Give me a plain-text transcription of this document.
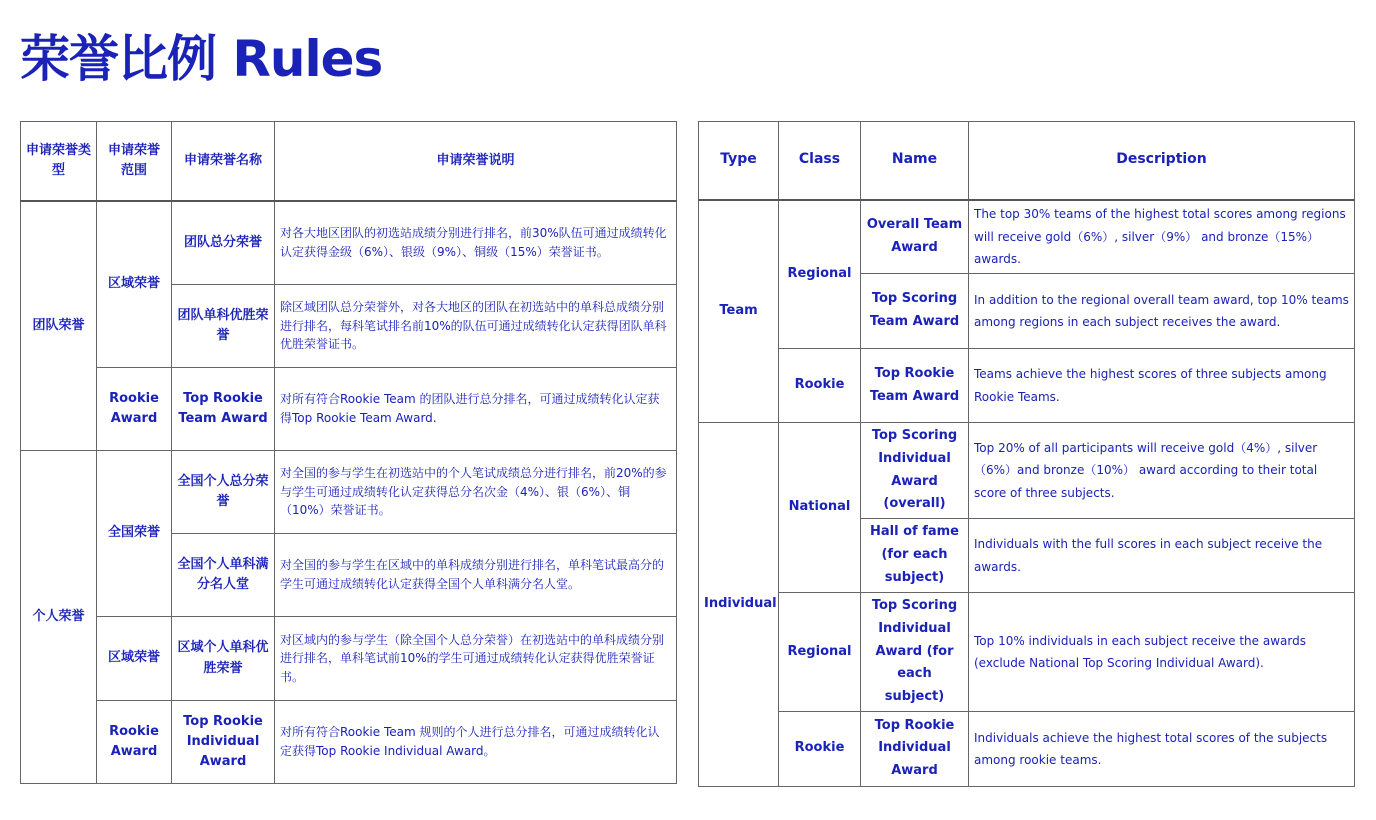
荣誉比例 Rules
申请荣誉类型	申请荣誉范围	申请荣誉名称	申请荣誉说明
团队荣誉	区域荣誉	团队总分荣誉	对各大地区团队的初选站成绩分别进行排名，前30%队伍可通过成绩转化认定获得金级（6%）、银级（9%）、铜级（15%）荣誉证书。
		团队单科优胜荣誉	除区域团队总分荣誉外，对各大地区的团队在初选站中的单科总成绩分别进行排名，每科笔试排名前10%的队伍可通过成绩转化认定获得团队单科优胜荣誉证书。
	Rookie Award	Top Rookie Team Award	对所有符合Rookie Team 的团队进行总分排名，可通过成绩转化认定获得Top Rookie Team Award.
个人荣誉	全国荣誉	全国个人总分荣誉	对全国的参与学生在初选站中的个人笔试成绩总分进行排名，前20%的参与学生可通过成绩转化认定获得总分名次金（4%）、银（6%）、铜（10%）荣誉证书。
		全国个人单科满分名人堂	对全国的参与学生在区域中的单科成绩分别进行排名，单科笔试最高分的学生可通过成绩转化认定获得全国个人单科满分名人堂。
	区域荣誉	区域个人单科优胜荣誉	对区域内的参与学生（除全国个人总分荣誉）在初选站中的单科成绩分别进行排名，单科笔试前10%的学生可通过成绩转化认定获得优胜荣誉证书。
	Rookie Award	Top Rookie Individual Award	对所有符合Rookie Team 规则的个人进行总分排名，可通过成绩转化认定获得Top Rookie Individual Award。
Type	Class	Name	Description
Team	Regional	Overall Team Award	The top 30% teams of the highest total scores among regions will receive gold（6%）, silver（9%） and bronze（15%） awards.
		Top Scoring Team Award	In addition to the regional overall team award, top 10% teams among regions in each subject receives the award.
	Rookie	Top Rookie Team Award	Teams achieve the highest scores of three subjects among Rookie Teams.
Individual	National	Top Scoring Individual Award (overall)	Top 20% of all participants will receive gold（4%）, silver（6%）and bronze（10%） award according to their total score of three subjects.
		Hall of fame (for each subject)	Individuals with the full scores in each subject receive the awards.
	Regional	Top Scoring Individual Award (for each subject)	Top 10% individuals in each subject receive the awards (exclude National Top Scoring Individual Award).
	Rookie	Top Rookie Individual Award	Individuals achieve the highest total scores of the subjects among rookie teams.
